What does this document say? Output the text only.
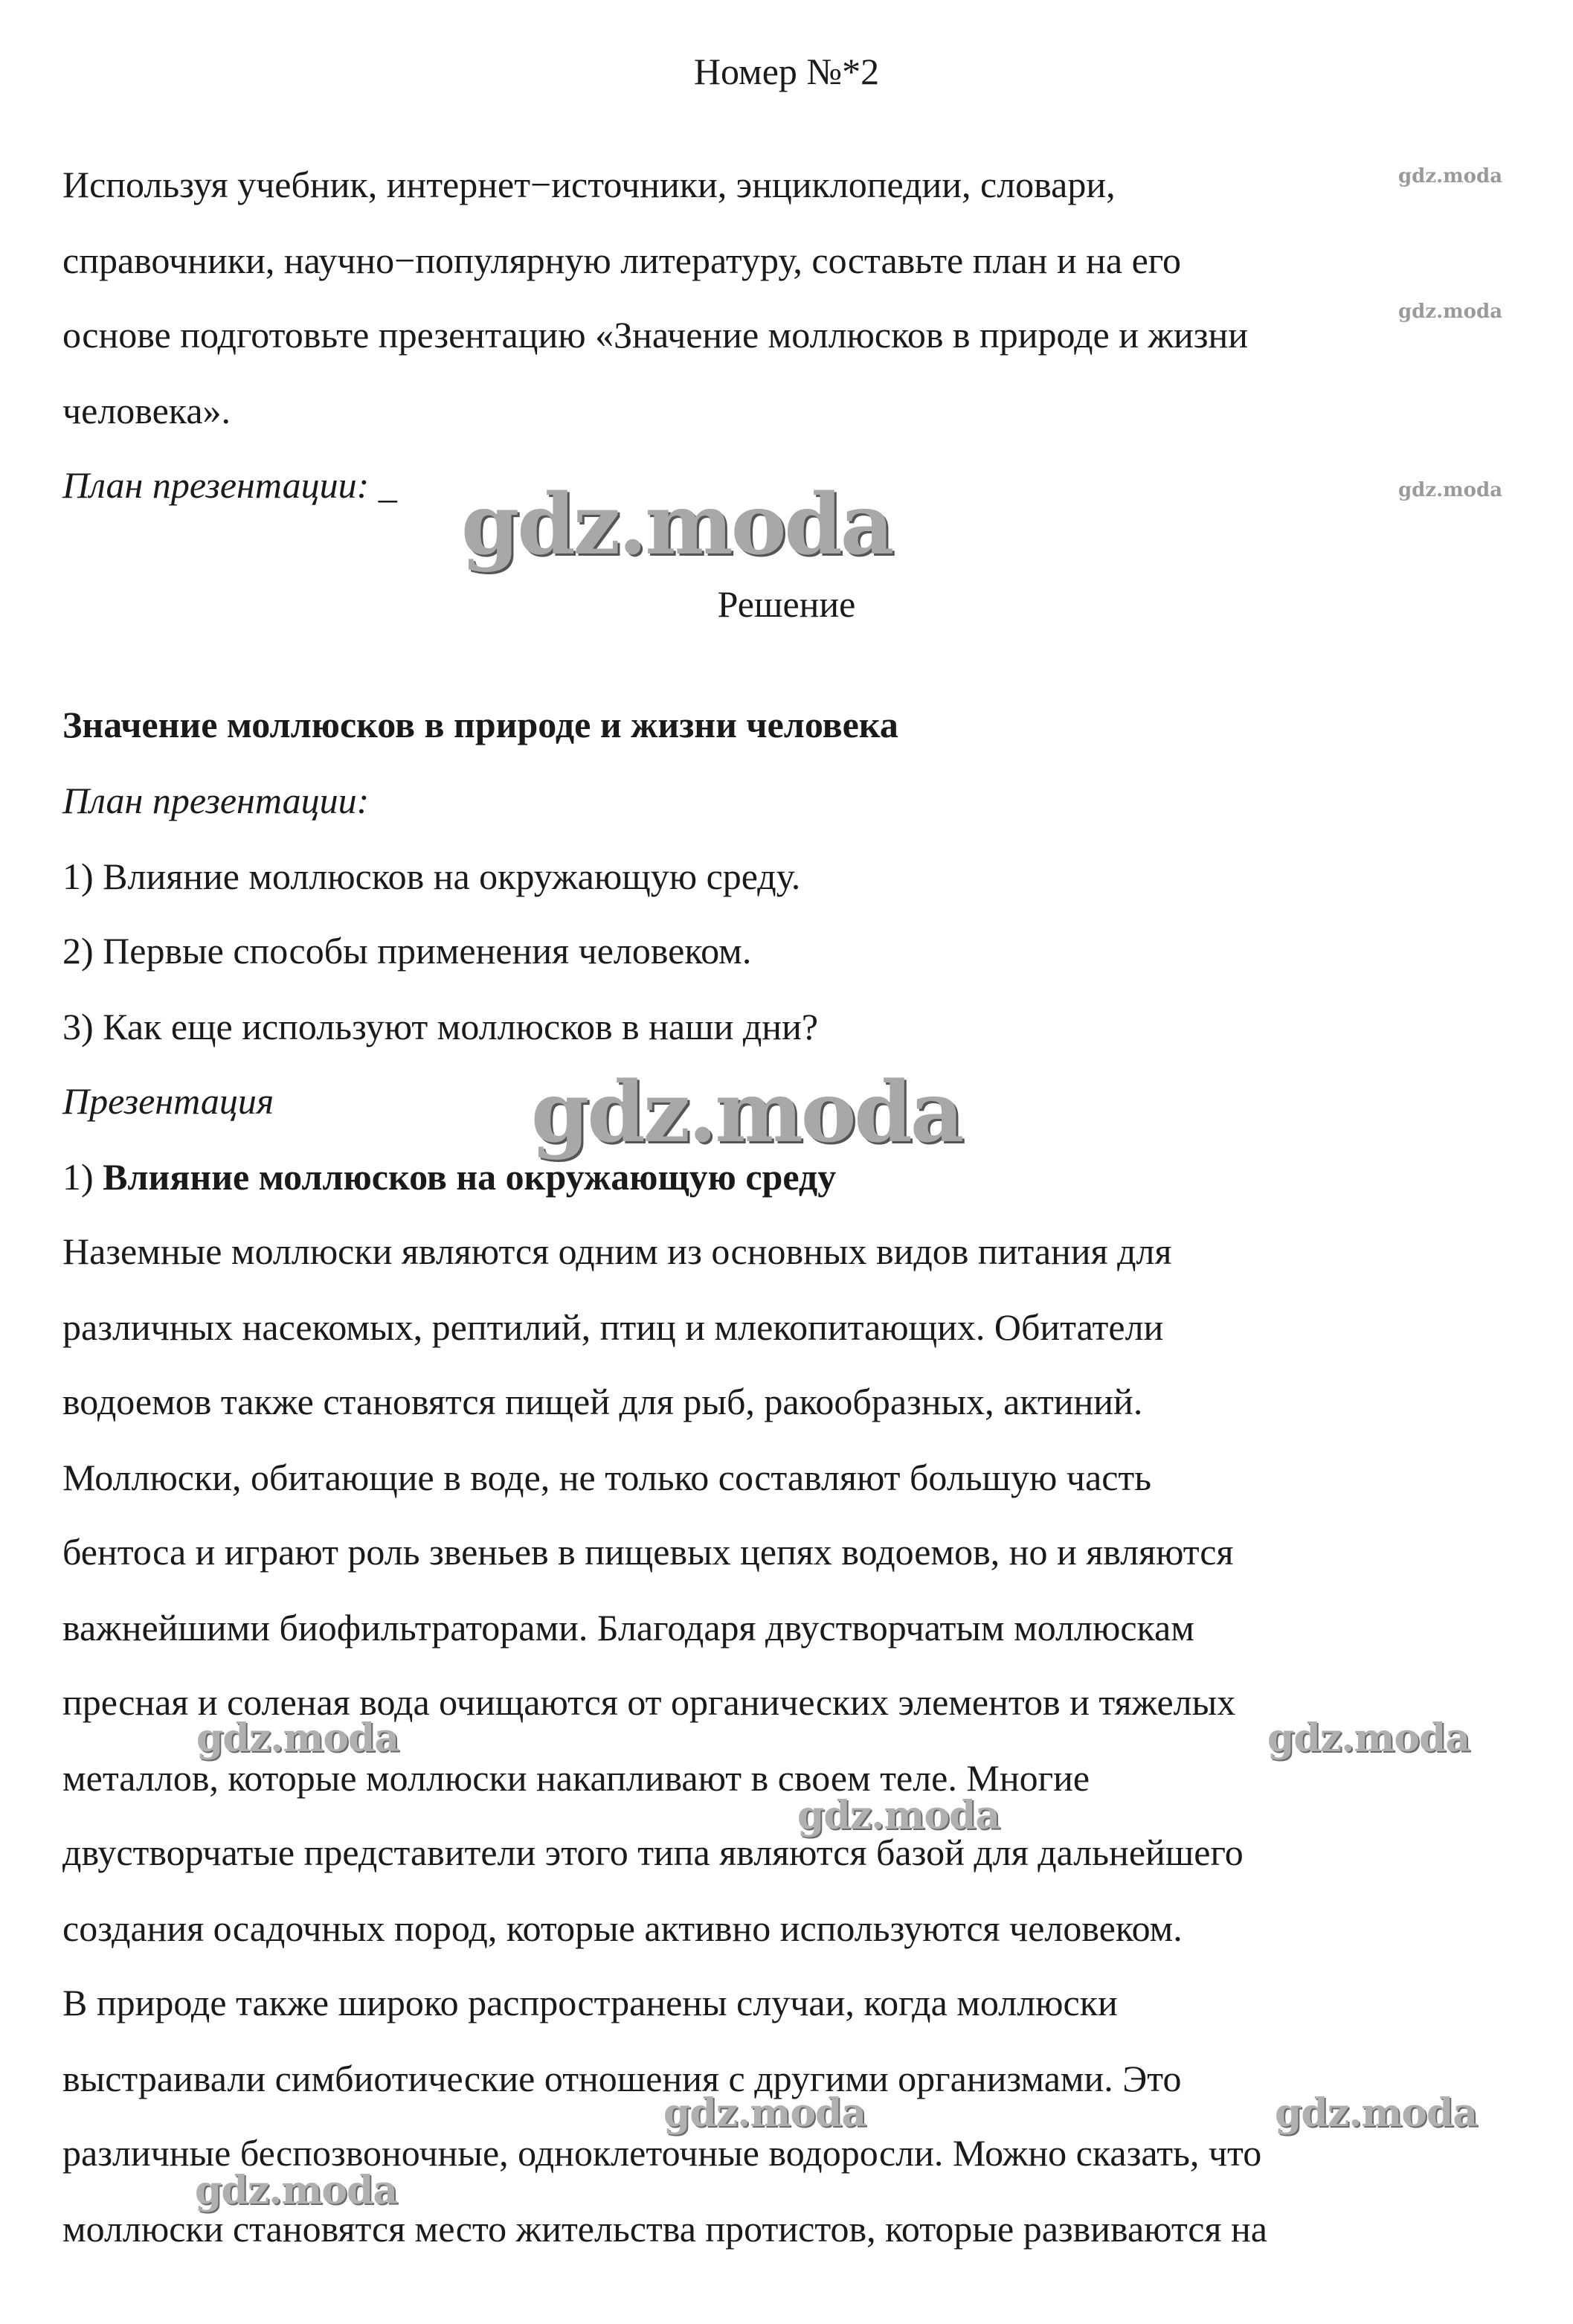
Номер №*2
Используя учебник, интернет−источники, энциклопедии, словари,
справочники, научно−популярную литературу, составьте план и на его
основе подготовьте презентацию «Значение моллюсков в природе и жизни
человека».
План презентации: _
Решение
Значение моллюсков в природе и жизни человека
План презентации:
1) Влияние моллюсков на окружающую среду.
2) Первые способы применения человеком.
3) Как еще используют моллюсков в наши дни?
Презентация
1) Влияние моллюсков на окружающую среду
Наземные моллюски являются одним из основных видов питания для
различных насекомых, рептилий, птиц и млекопитающих. Обитатели
водоемов также становятся пищей для рыб, ракообразных, актиний.
Моллюски, обитающие в воде, не только составляют большую часть
бентоса и играют роль звеньев в пищевых цепях водоемов, но и являются
важнейшими биофильтраторами. Благодаря двустворчатым моллюскам
пресная и соленая вода очищаются от органических элементов и тяжелых
металлов, которые моллюски накапливают в своем теле. Многие
двустворчатые представители этого типа являются базой для дальнейшего
создания осадочных пород, которые активно используются человеком.
В природе также широко распространены случаи, когда моллюски
выстраивали симбиотические отношения с другими организмами. Это
различные беспозвоночные, одноклеточные водоросли. Можно сказать, что
моллюски становятся место жительства протистов, которые развиваются на
gdz.moda
gdz.moda
gdz.moda
gdz.moda
gdz.moda
gdz.moda	gdz.moda
gdz.moda
gdz.moda	gdz.moda
gdz.moda
